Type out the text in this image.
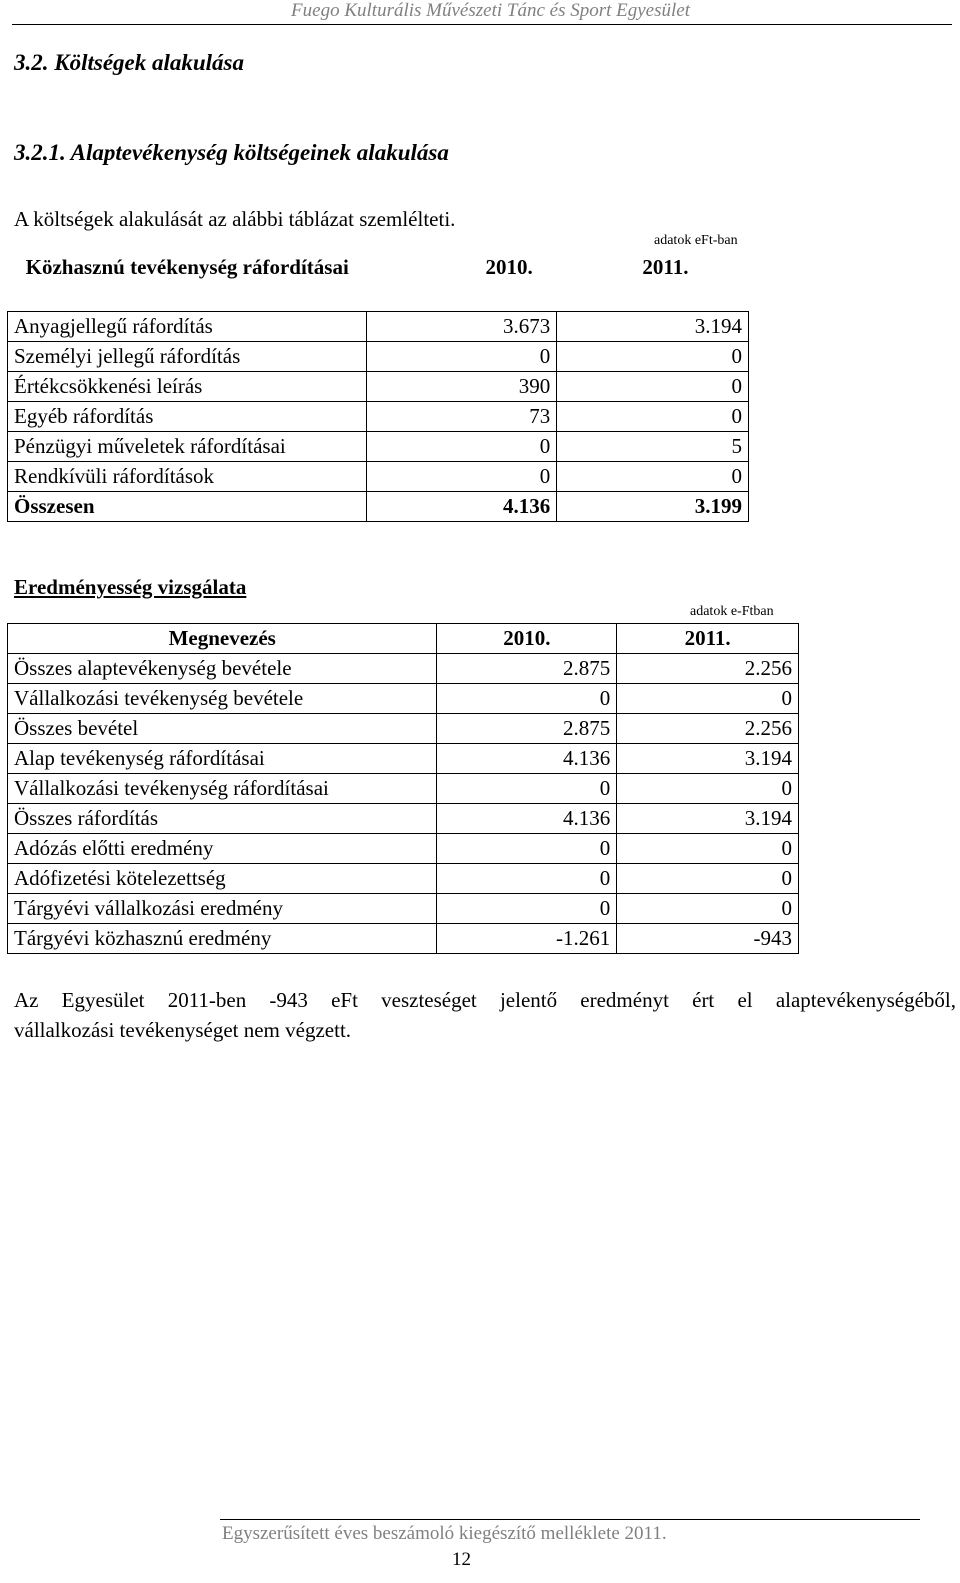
Fuego Kulturális Művészeti Tánc és Sport Egyesület
3.2. Költségek alakulása
3.2.1. Alaptevékenység költségeinek alakulása
A költségek alakulását az alábbi táblázat szemlélteti.
adatok eFt-ban
Közhasznú tevékenység ráfordításai	2010.	2011.
Anyagjellegű ráfordítás	3.673	3.194
Személyi jellegű ráfordítás	0	0
Értékcsökkenési leírás	390	0
Egyéb ráfordítás	73	0
Pénzügyi műveletek ráfordításai	0	5
Rendkívüli ráfordítások	0	0
Összesen	4.136	3.199
Eredményesség vizsgálata
adatok e-Ftban
Megnevezés	2010.	2011.
Összes alaptevékenység bevétele	2.875	2.256
Vállalkozási tevékenység bevétele	0	0
Összes bevétel	2.875	2.256
Alap tevékenység ráfordításai	4.136	3.194
Vállalkozási tevékenység ráfordításai	0	0
Összes ráfordítás	4.136	3.194
Adózás előtti eredmény	0	0
Adófizetési kötelezettség	0	0
Tárgyévi vállalkozási eredmény	0	0
Tárgyévi közhasznú eredmény	-1.261	-943
Az Egyesület 2011-ben -943 eFt veszteséget jelentő eredményt ért el alaptevékenységéből,
vállalkozási tevékenységet nem végzett.
Egyszerűsített éves beszámoló kiegészítő melléklete 2011.
12
